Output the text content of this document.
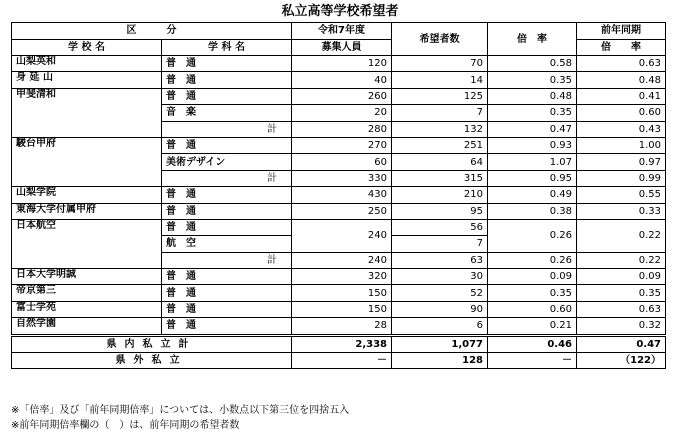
私立高等学校希望者
区　　　分		令和7年度	希望者数	倍　率	前年同期
学 校 名	学 科 名	募集人員			倍　　率
山梨英和	普　通	120	70	0.58	0.63
身 延 山	普　通	40	14	0.35	0.48
甲斐清和	普　通	260	125	0.48	0.41
	音　楽	20	7	0.35	0.60
	計	280	132	0.47	0.43
駿台甲府	普　通	270	251	0.93	1.00
	美術デザイン	60	64	1.07	0.97
	計	330	315	0.95	0.99
山梨学院	普　通	430	210	0.49	0.55
東海大学付属甲府	普　通	250	95	0.38	0.33
日本航空	普　通	240	56	0.26	0.22
	航　空		7		
	計	240	63	0.26	0.22
日本大学明誠	普　通	320	30	0.09	0.09
帝京第三	普　通	150	52	0.35	0.35
富士学苑	普　通	150	90	0.60	0.63
自然学園	普　通	28	6	0.21	0.32
県内私立計		2,338	1,077	0.46	0.47
県外私立		－	128	－	（122）
※「倍率」及び「前年同期倍率」については、小数点以下第三位を四捨五入
※前年同期倍率欄の（　）は、前年同期の希望者数
